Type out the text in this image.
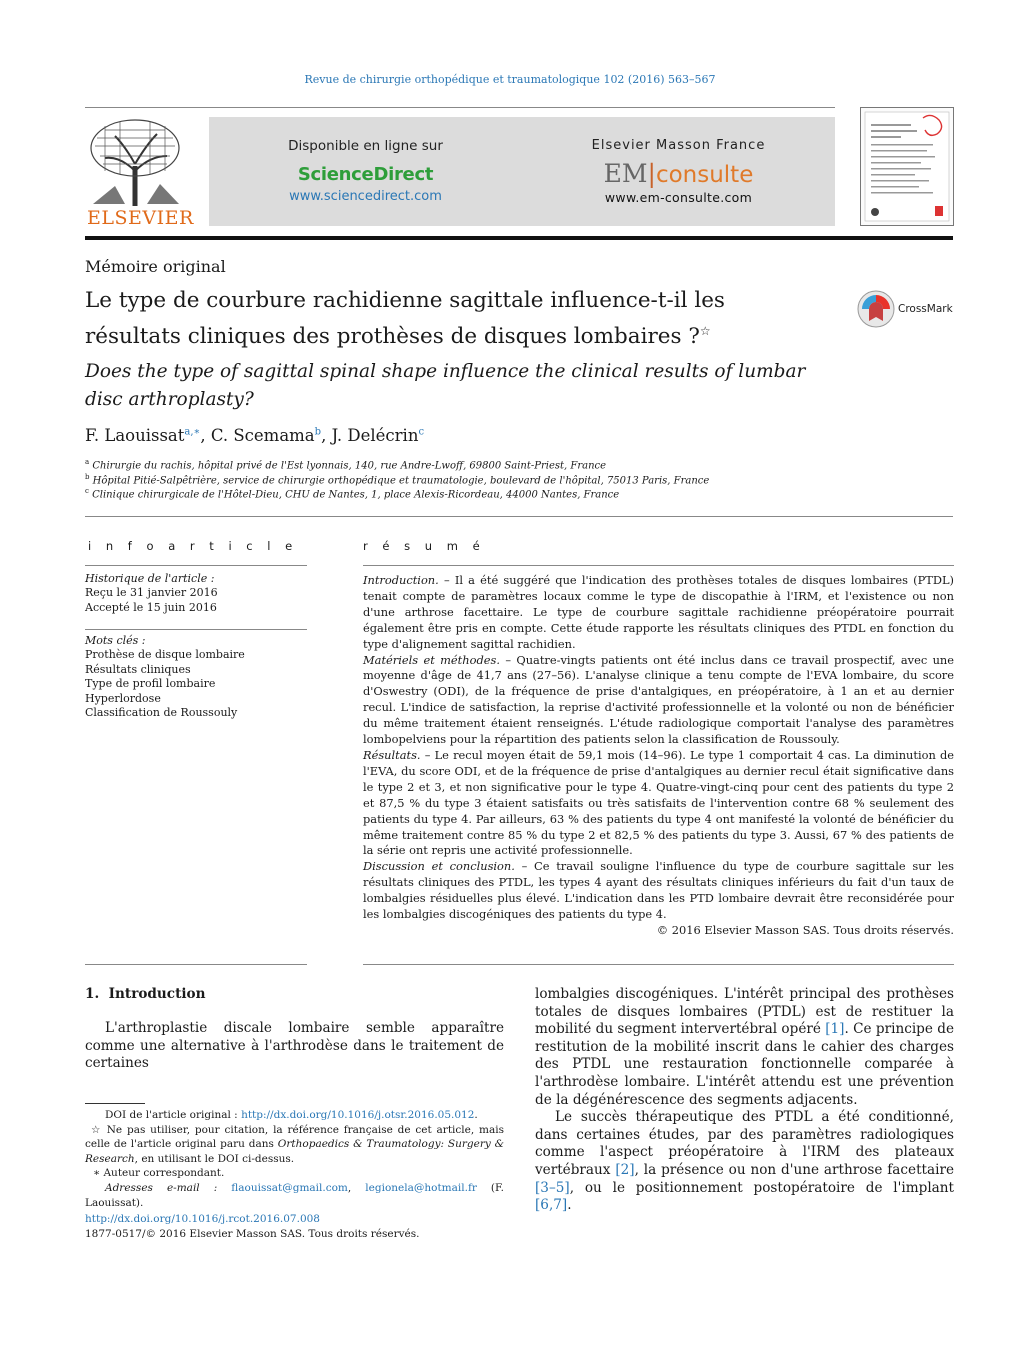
Revue de chirurgie orthopédique et traumatologique 102 (2016) 563–567
ELSEVIER
Disponible en ligne sur
ScienceDirect
www.sciencedirect.com
Elsevier Masson France
EM|consulte
www.em-consulte.com
Mémoire original
Le type de courbure rachidienne sagittale influence-t-il les résultats cliniques des prothèses de disques lombaires ?☆
CrossMark
Does the type of sagittal spinal shape influence the clinical results of lumbar disc arthroplasty?
F. Laouissat$^{a,∗}$, C. Scemama$^b$, J. Delécrin$^c$
$^a$ Chirurgie du rachis, hôpital privé de l'Est lyonnais, 140, rue Andre-Lwoff, 69800 Saint-Priest, France
$^b$ Hôpital Pitié-Salpêtrière, service de chirurgie orthopédique et traumatologie, boulevard de l'hôpital, 75013 Paris, France
$^c$ Clinique chirurgicale de l'Hôtel-Dieu, CHU de Nantes, 1, place Alexis-Ricordeau, 44000 Nantes, France
i n f o a r t i c l e
Historique de l'article :
Reçu le 31 janvier 2016
Accepté le 15 juin 2016
Mots clés :
Prothèse de disque lombaire
Résultats cliniques
Type de profil lombaire
Hyperlordose
Classification de Roussouly
r é s u m é

Introduction. – Il a été suggéré que l'indication des prothèses totales de disques lombaires (PTDL) tenait compte de paramètres locaux comme le type de discopathie à l'IRM, et l'existence ou non d'une arthrose facettaire. Le type de courbure sagittale rachidienne préopératoire pourrait également être pris en compte. Cette étude rapporte les résultats cliniques des PTDL en fonction du type d'alignement sagittal rachidien.

Matériels et méthodes. – Quatre-vingts patients ont été inclus dans ce travail prospectif, avec une moyenne d'âge de 41,7 ans (27–56). L'analyse clinique a tenu compte de l'EVA lombaire, du score d'Oswestry (ODI), de la fréquence de prise d'antalgiques, en préopératoire, à 1 an et au dernier recul. L'indice de satisfaction, la reprise d'activité professionnelle et la volonté ou non de bénéficier du même traitement étaient renseignés. L'étude radiologique comportait l'analyse des paramètres lombopelviens pour la répartition des patients selon la classification de Roussouly.

Résultats. – Le recul moyen était de 59,1 mois (14–96). Le type 1 comportait 4 cas. La diminution de l'EVA, du score ODI, et de la fréquence de prise d'antalgiques au dernier recul était significative dans le type 2 et 3, et non significative pour le type 4. Quatre-vingt-cinq pour cent des patients du type 2 et 87,5 % du type 3 étaient satisfaits ou très satisfaits de l'intervention contre 68 % seulement des patients du type 4. Par ailleurs, 63 % des patients du type 4 ont manifesté la volonté de bénéficier du même traitement contre 85 % du type 2 et 82,5 % des patients du type 3. Aussi, 67 % des patients de la série ont repris une activité professionnelle.

Discussion et conclusion. – Ce travail souligne l'influence du type de courbure sagittale sur les résultats cliniques des PTDL, les types 4 ayant des résultats cliniques inférieurs du fait d'un taux de lombalgies résiduelles plus élevé. L'indication dans les PTD lombaire devrait être reconsidérée pour les lombalgies discogéniques des patients du type 4.

© 2016 Elsevier Masson SAS. Tous droits réservés.
1. Introduction

L'arthroplastie discale lombaire semble apparaître comme une alternative à l'arthrodèse dans le traitement de certaines

lombalgies discogéniques. L'intérêt principal des prothèses totales de disques lombaires (PTDL) est de restituer la mobilité du segment intervertébral opéré [1]. Ce principe de restitution de la mobilité inscrit dans le cahier des charges des PTDL une restauration fonctionnelle comparée à l'arthrodèse lombaire. L'intérêt attendu est une prévention de la dégénérescence des segments adjacents.

Le succès thérapeutique des PTDL a été conditionné, dans certaines études, par des paramètres radiologiques comme l'aspect préopératoire à l'IRM des plateaux vertébraux [2], la présence ou non d'une arthrose facettaire [3–5], ou le positionnement postopératoire de l'implant [6,7].

DOI de l'article original : http://dx.doi.org/10.1016/j.otsr.2016.05.012.

☆ Ne pas utiliser, pour citation, la référence française de cet article, mais celle de l'article original paru dans Orthopaedics & Traumatology: Surgery & Research, en utilisant le DOI ci-dessus.

∗ Auteur correspondant.

Adresses e-mail : flaouissat@gmail.com, legionela@hotmail.fr (F. Laouissat).

http://dx.doi.org/10.1016/j.rcot.2016.07.008
1877-0517/© 2016 Elsevier Masson SAS. Tous droits réservés.
